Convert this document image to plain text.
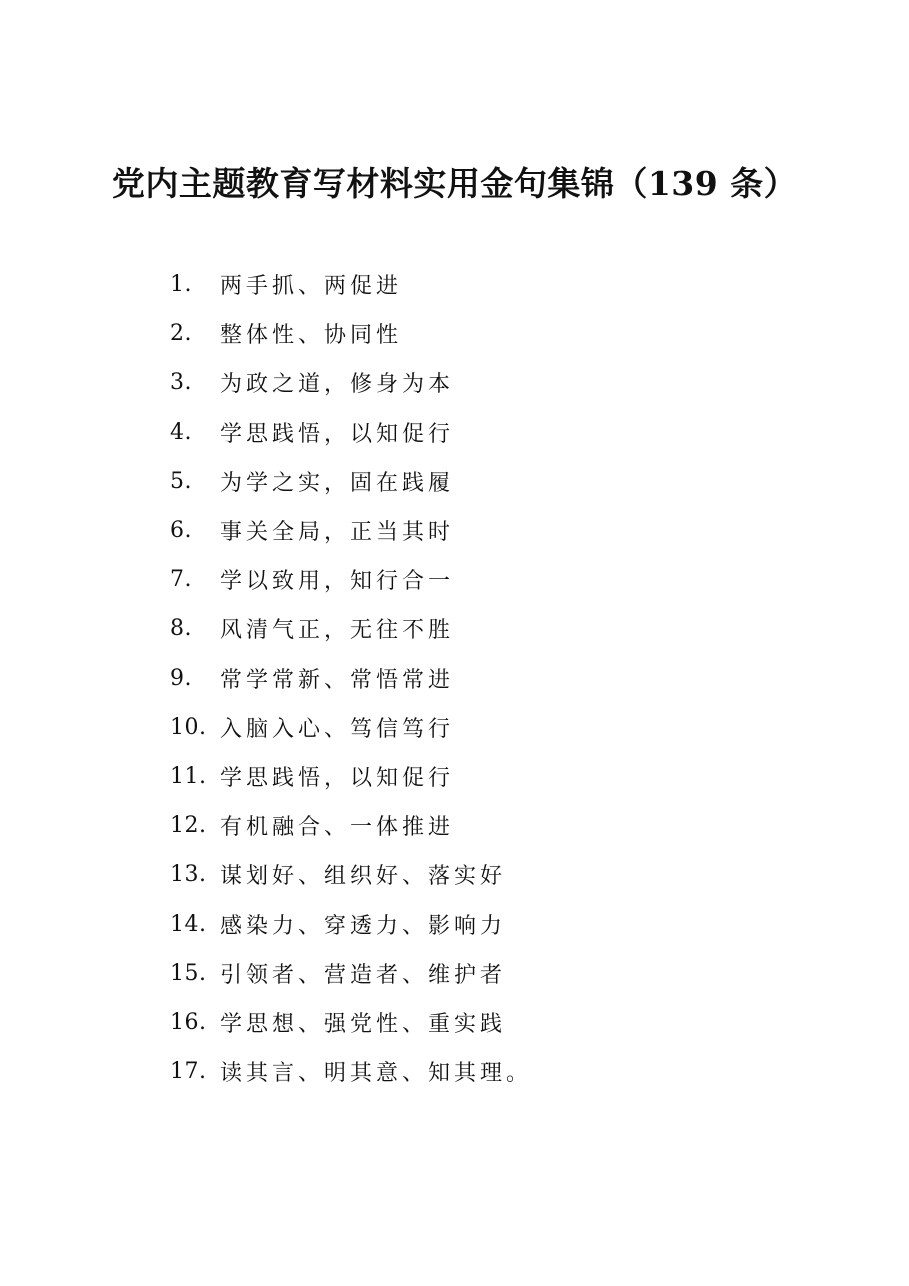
党内主题教育写材料实用金句集锦（139 条）
1.	两手抓、两促进
2.	整体性、协同性
3.	为政之道，修身为本
4.	学思践悟，以知促行
5.	为学之实，固在践履
6.	事关全局，正当其时
7.	学以致用，知行合一
8.	风清气正，无往不胜
9.	常学常新、常悟常进
10. 入脑入心、笃信笃行
11. 学思践悟，以知促行
12. 有机融合、一体推进
13. 谋划好、组织好、落实好
14. 感染力、穿透力、影响力
15. 引领者、营造者、维护者
16. 学思想、强党性、重实践
17. 读其言、明其意、知其理。
